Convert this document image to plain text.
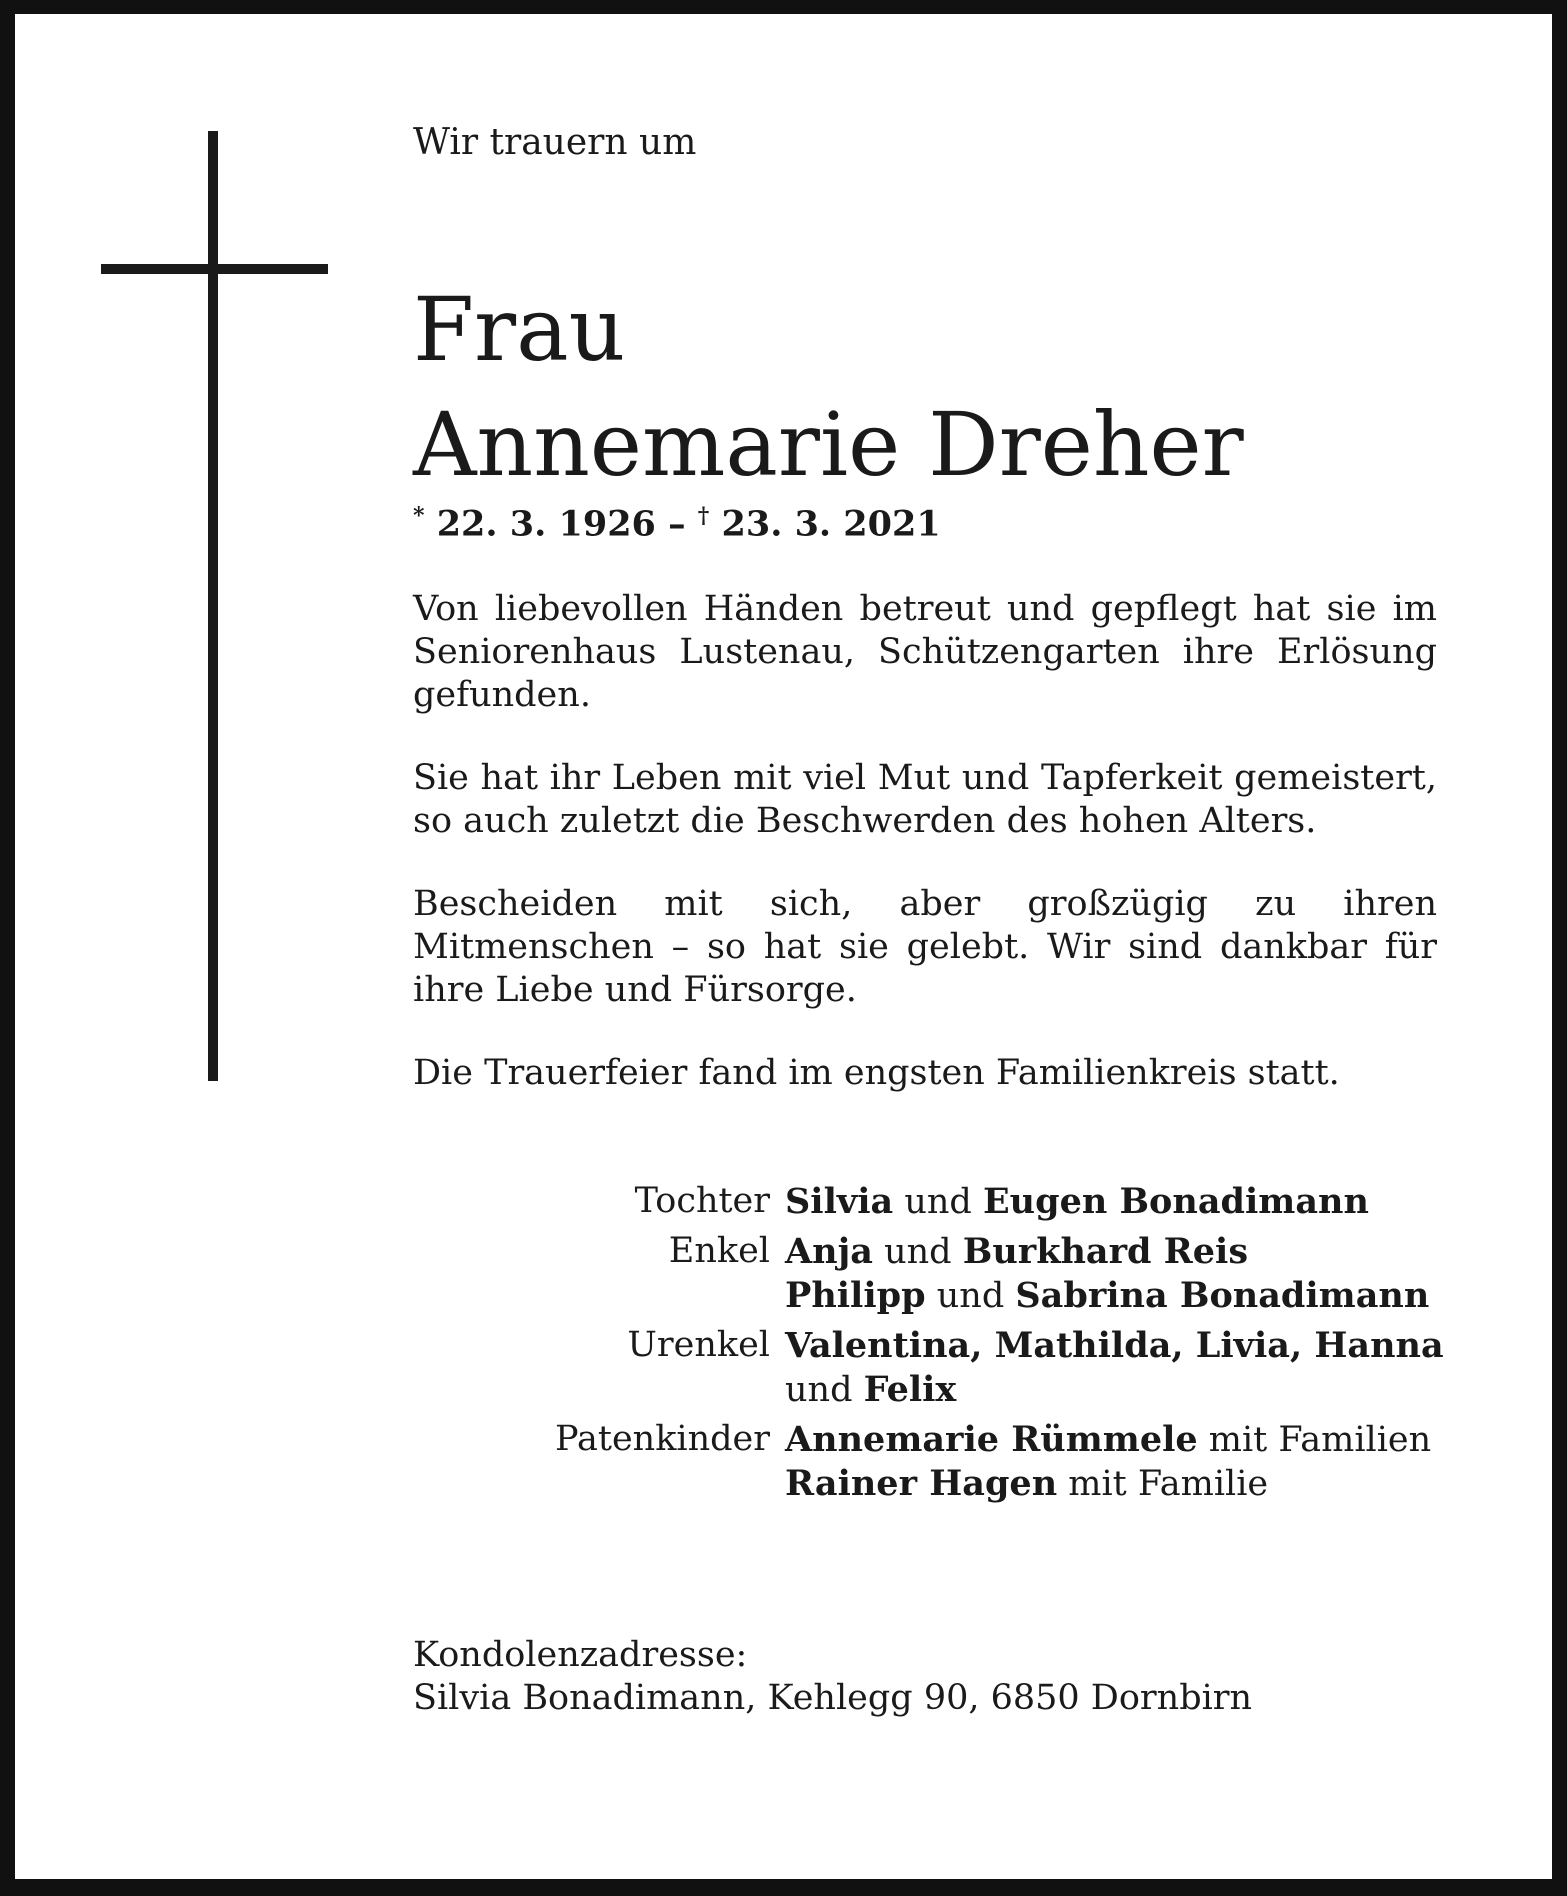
Wir trauern um

Frau
Annemarie Dreher

* 22. 3. 1926 – † 23. 3. 2021

Von liebevollen Händen betreut und gepflegt hat sie im Seniorenhaus Lustenau, Schützengarten ihre Erlösung gefunden.

Sie hat ihr Leben mit viel Mut und Tapferkeit gemeistert, so auch zuletzt die Beschwerden des hohen Alters.

Bescheiden mit sich, aber großzügig zu ihren Mitmenschen – so hat sie gelebt. Wir sind dankbar für ihre Liebe und Fürsorge.

Die Trauerfeier fand im engsten Familienkreis statt.

Tochter Silvia und Eugen Bonadimann
Enkel Anja und Burkhard Reis
Philipp und Sabrina Bonadimann
Urenkel Valentina, Mathilda, Livia, Hanna
und Felix
Patenkinder Annemarie Rümmele mit Familien
Rainer Hagen mit Familie
Kondolenzadresse:
Silvia Bonadimann, Kehlegg 90, 6850 Dornbirn
